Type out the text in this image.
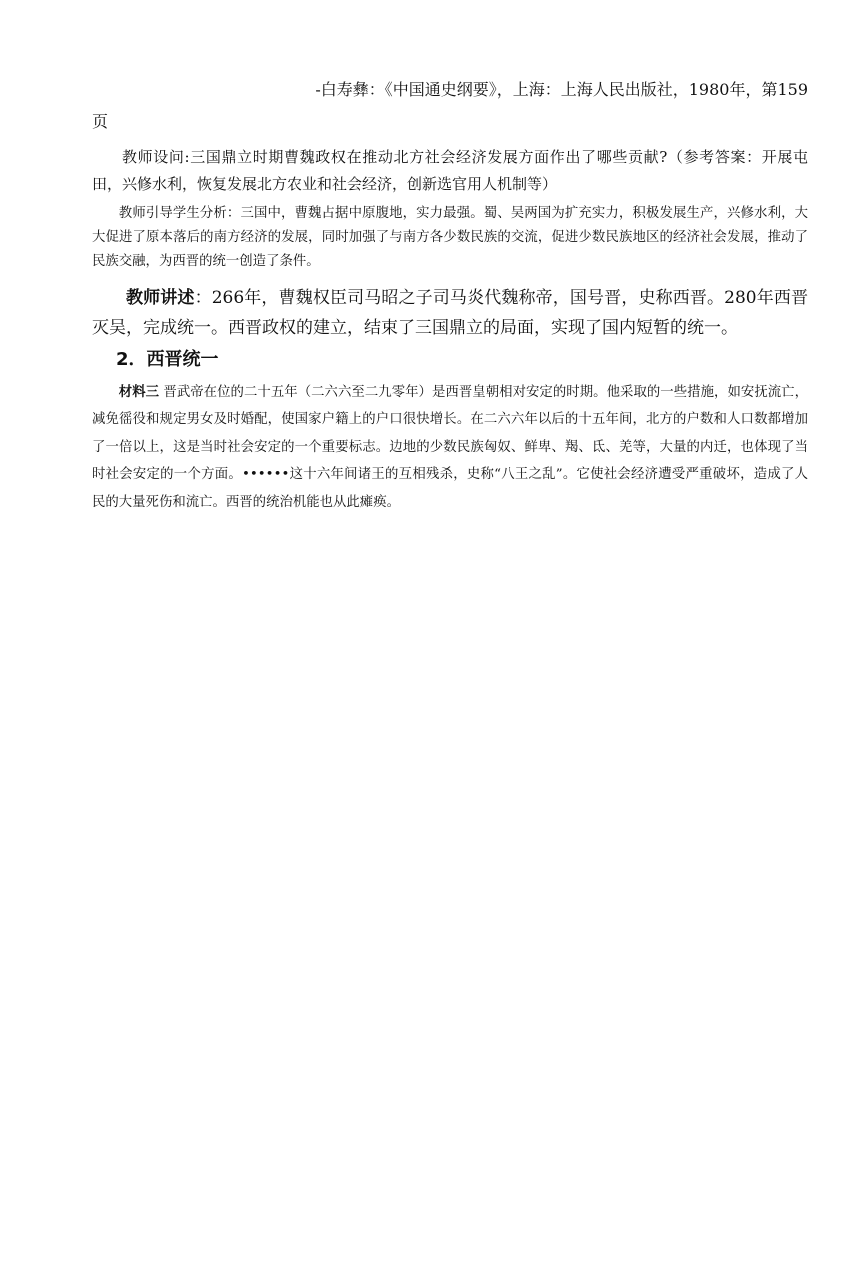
-白寿彝：《中国通史纲要》，上海：上海人民出版社，1980年，第159
页

教师设问:三国鼎立时期曹魏政权在推动北方社会经济发展方面作出了哪些贡献?（参考答案：开展屯田，兴修水利，恢复发展北方农业和社会经济，创新选官用人机制等）

教师引导学生分析：三国中，曹魏占据中原腹地，实力最强。蜀、吴两国为扩充实力，积极发展生产，兴修水利，大大促进了原本落后的南方经济的发展，同时加强了与南方各少数民族的交流，促进少数民族地区的经济社会发展，推动了民族交融，为西晋的统一创造了条件。

教师讲述：266年，曹魏权臣司马昭之子司马炎代魏称帝，国号晋，史称西晋。280年西晋灭吴，完成统一。西晋政权的建立，结束了三国鼎立的局面，实现了国内短暂的统一。

2．西晋统一

材料三 晋武帝在位的二十五年（二六六至二九零年）是西晋皇朝相对安定的时期。他采取的一些措施，如安抚流亡，减免徭役和规定男女及时婚配，使国家户籍上的户口很快增长。在二六六年以后的十五年间，北方的户数和人口数都增加了一倍以上，这是当时社会安定的一个重要标志。边地的少数民族匈奴、鲜卑、羯、氐、羌等，大量的内迁，也体现了当时社会安定的一个方面。••••••这十六年间诸王的互相残杀，史称“八王之乱”。它使社会经济遭受严重破坏，造成了人民的大量死伤和流亡。西晋的统治机能也从此瘫痪。
